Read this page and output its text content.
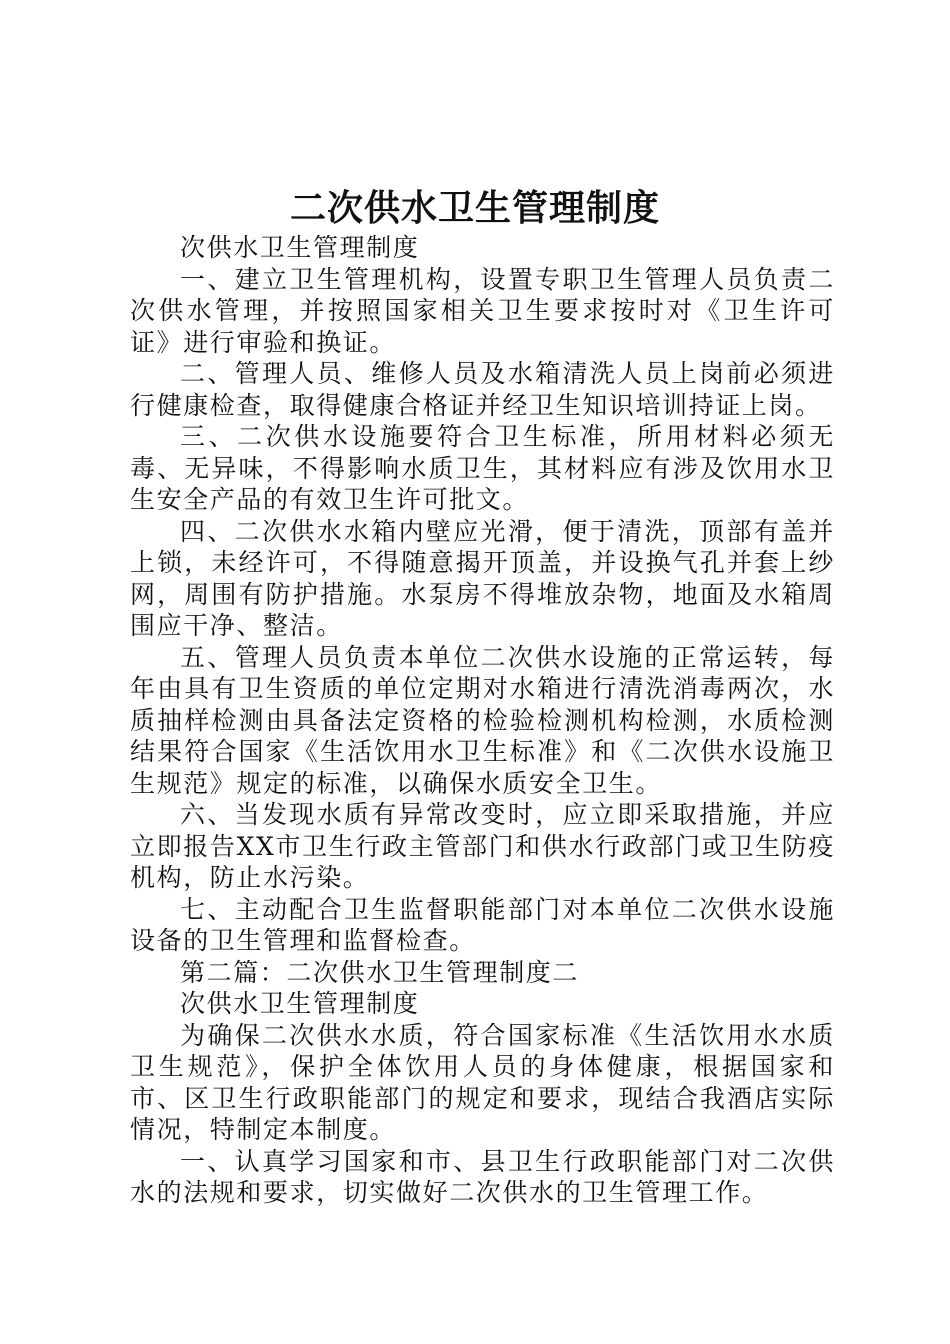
二次供水卫生管理制度

次供水卫生管理制度

一、建立卫生管理机构，设置专职卫生管理人员负责二次供水管理，并按照国家相关卫生要求按时对《卫生许可证》进行审验和换证。

二、管理人员、维修人员及水箱清洗人员上岗前必须进行健康检查，取得健康合格证并经卫生知识培训持证上岗。

三、二次供水设施要符合卫生标准，所用材料必须无毒、无异味，不得影响水质卫生，其材料应有涉及饮用水卫生安全产品的有效卫生许可批文。

四、二次供水水箱内壁应光滑，便于清洗，顶部有盖并上锁，未经许可，不得随意揭开顶盖，并设换气孔并套上纱网，周围有防护措施。水泵房不得堆放杂物，地面及水箱周围应干净、整洁。

五、管理人员负责本单位二次供水设施的正常运转，每年由具有卫生资质的单位定期对水箱进行清洗消毒两次，水质抽样检测由具备法定资格的检验检测机构检测，水质检测结果符合国家《生活饮用水卫生标准》和《二次供水设施卫生规范》规定的标准，以确保水质安全卫生。

六、当发现水质有异常改变时，应立即采取措施，并应立即报告XX市卫生行政主管部门和供水行政部门或卫生防疫机构，防止水污染。

七、主动配合卫生监督职能部门对本单位二次供水设施设备的卫生管理和监督检查。

第二篇：二次供水卫生管理制度二

次供水卫生管理制度

为确保二次供水水质，符合国家标准《生活饮用水水质卫生规范》，保护全体饮用人员的身体健康，根据国家和市、区卫生行政职能部门的规定和要求，现结合我酒店实际情况，特制定本制度。

一、认真学习国家和市、县卫生行政职能部门对二次供水的法规和要求，切实做好二次供水的卫生管理工作。
